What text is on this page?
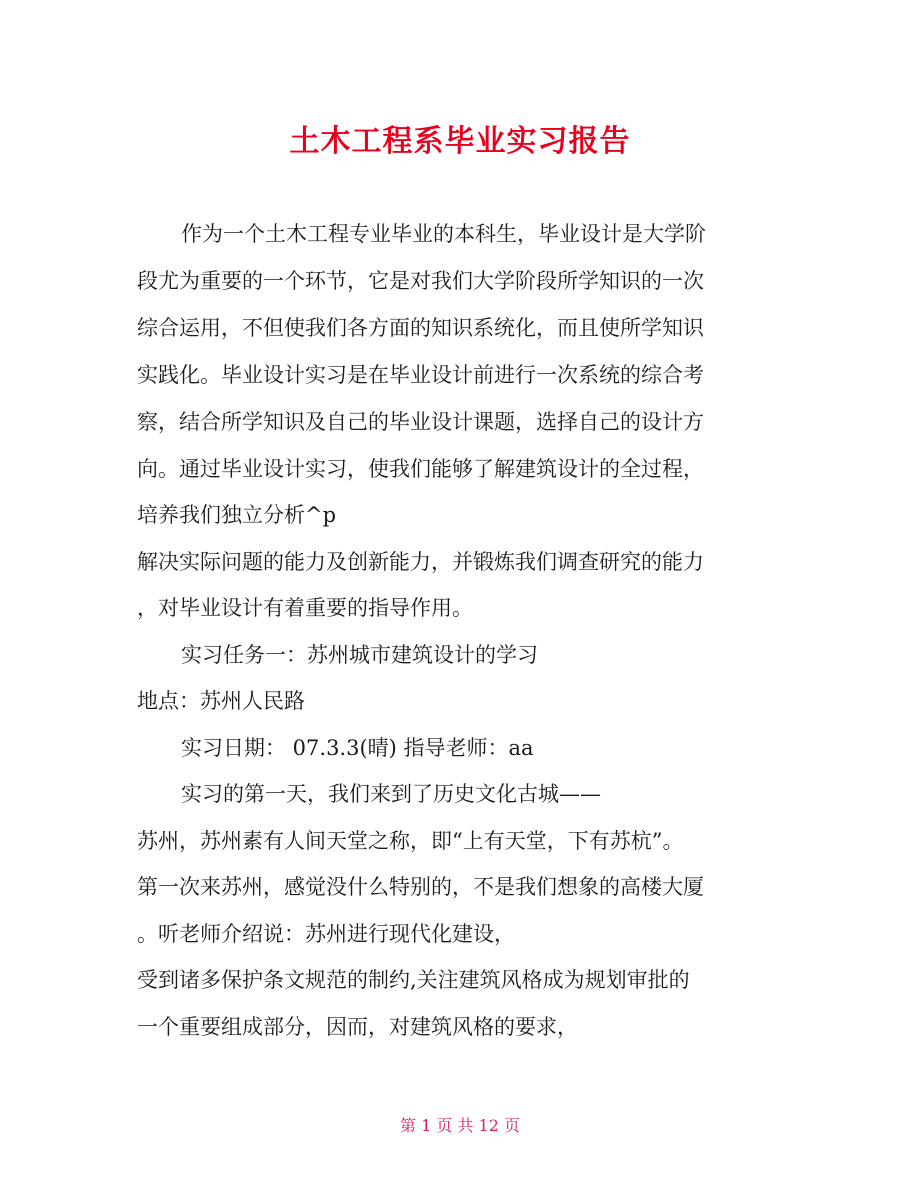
土木工程系毕业实习报告
作为一个土木工程专业毕业的本科生，毕业设计是大学阶
段尤为重要的一个环节，它是对我们大学阶段所学知识的一次
综合运用，不但使我们各方面的知识系统化，而且使所学知识
实践化。毕业设计实习是在毕业设计前进行一次系统的综合考
察，结合所学知识及自己的毕业设计课题，选择自己的设计方
向。通过毕业设计实习，使我们能够了解建筑设计的全过程，
培养我们独立分析^p
解决实际问题的能力及创新能力，并锻炼我们调查研究的能力
，对毕业设计有着重要的指导作用。
实习任务一：苏州城市建筑设计的学习
地点：苏州人民路
实习日期： 07.3.3(晴) 指导老师：aa
实习的第一天，我们来到了历史文化古城——
苏州，苏州素有人间天堂之称，即“上有天堂，下有苏杭”。
第一次来苏州，感觉没什么特别的，不是我们想象的高楼大厦
。听老师介绍说：苏州进行现代化建设，
受到诸多保护条文规范的制约,关注建筑风格成为规划审批的
一个重要组成部分，因而，对建筑风格的要求，
第 1 页 共 12 页
